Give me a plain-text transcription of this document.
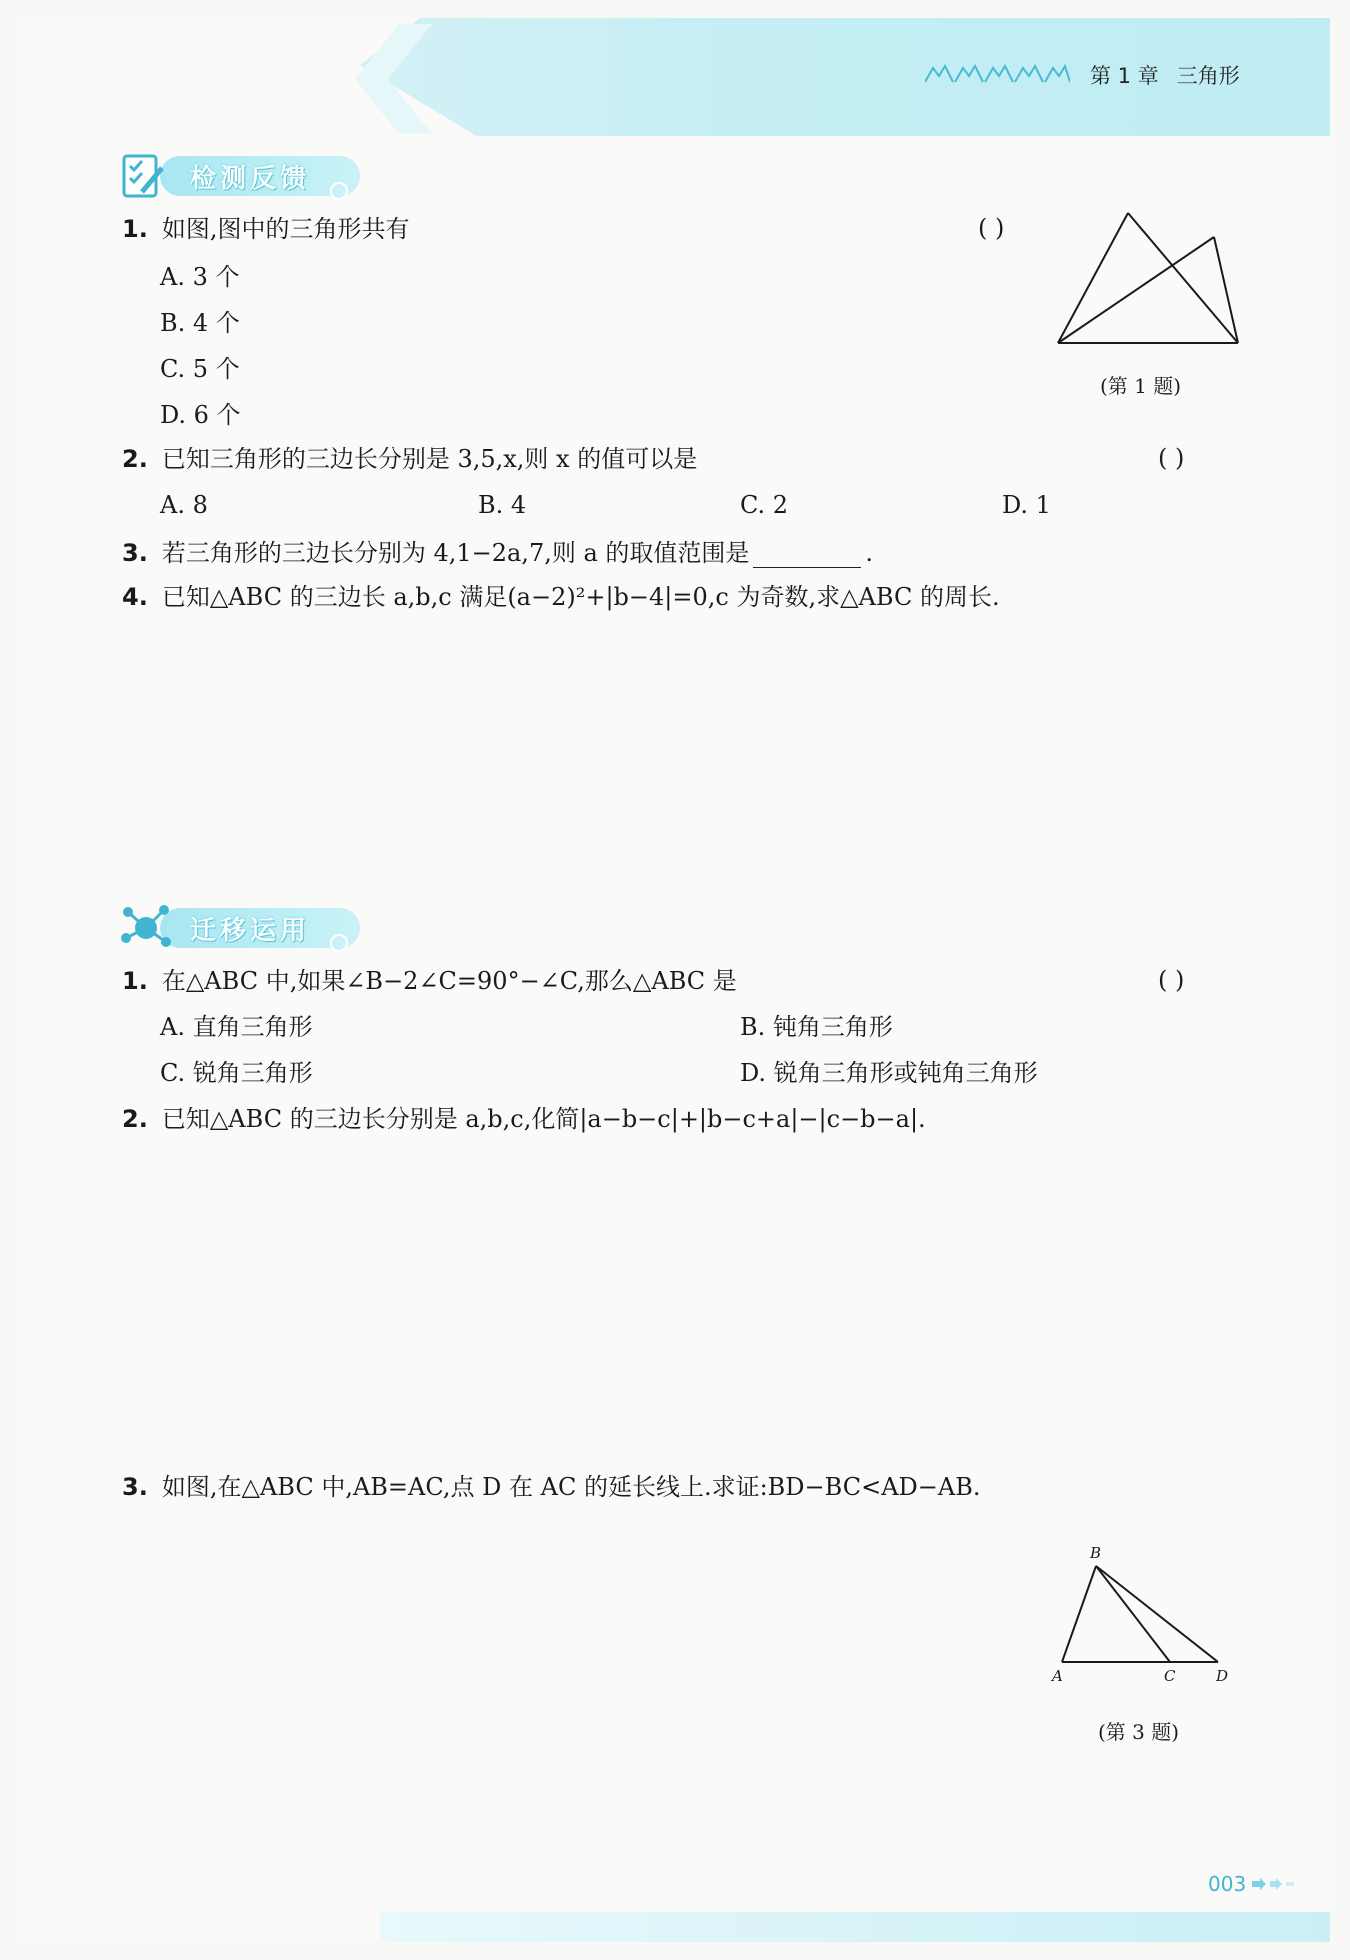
第 1 章 三角形
检测反馈
1. 如图,图中的三角形共有	( )
A. 3 个
B. 4 个
C. 5 个
D. 6 个
(第 1 题)
2. 已知三角形的三边长分别是 3,5,x,则 x 的值可以是	( )
A. 8	B. 4	C. 2	D. 1
3. 若三角形的三边长分别为 4,1−2a,7,则 a 的取值范围是	.
4. 已知△ABC 的三边长 a,b,c 满足(a−2)²+|b−4|=0,c 为奇数,求△ABC 的周长.
迁移运用
1. 在△ABC 中,如果∠B−2∠C=90°−∠C,那么△ABC 是	( )
A. 直角三角形	B. 钝角三角形
C. 锐角三角形	D. 锐角三角形或钝角三角形
2. 已知△ABC 的三边长分别是 a,b,c,化简|a−b−c|+|b−c+a|−|c−b−a|.
3. 如图,在△ABC 中,AB=AC,点 D 在 AC 的延长线上.求证:BD−BC<AD−AB.
B
A	C	D
(第 3 题)
003
